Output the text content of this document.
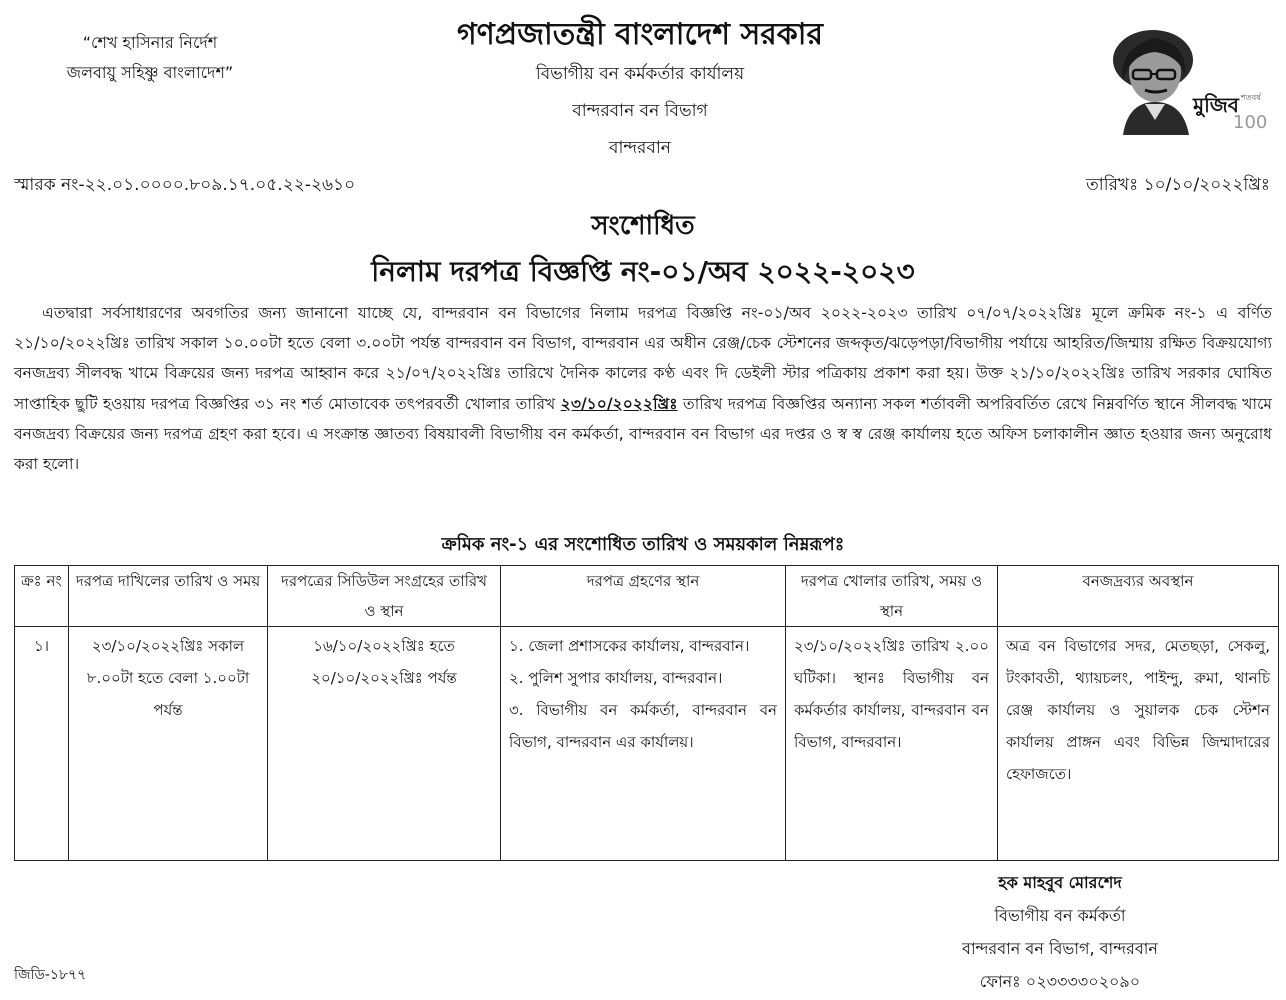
“শেখ হাসিনার নির্দেশ
জলবায়ু সহিষ্ণু বাংলাদেশ”
গণপ্রজাতন্ত্রী বাংলাদেশ সরকার
বিভাগীয় বন কর্মকর্তার কার্যালয়
বান্দরবান বন বিভাগ
বান্দরবান
মুজিব শতবর্ষ
100
স্মারক নং-২২.০১.০০০০.৮০৯.১৭.০৫.২২-২৬১০	তারিখঃ ১০/১০/২০২২খ্রিঃ
সংশোধিত
নিলাম দরপত্র বিজ্ঞপ্তি নং-০১/অব ২০২২-২০২৩
এতদ্বারা সর্বসাধারণের অবগতির জন্য জানানো যাচ্ছে যে, বান্দরবান বন বিভাগের নিলাম দরপত্র বিজ্ঞপ্তি নং-০১/অব ২০২২-২০২৩ তারিখ ০৭/০৭/২০২২খ্রিঃ মূলে ক্রমিক নং-১ এ বর্ণিত ২১/১০/২০২২খ্রিঃ তারিখ সকাল ১০.০০টা হতে বেলা ৩.০০টা পর্যন্ত বান্দরবান বন বিভাগ, বান্দরবান এর অধীন রেঞ্জ/চেক স্টেশনের জব্দকৃত/ঝড়েপড়া/বিভাগীয় পর্যায়ে আহরিত/জিম্মায় রক্ষিত বিক্রয়যোগ্য বনজদ্রব্য সীলবদ্ধ খামে বিক্রয়ের জন্য দরপত্র আহ্বান করে ২১/০৭/২০২২খ্রিঃ তারিখে দৈনিক কালের কণ্ঠ এবং দি ডেইলী স্টার পত্রিকায় প্রকাশ করা হয়। উক্ত ২১/১০/২০২২খ্রিঃ তারিখ সরকার ঘোষিত সাপ্তাহিক ছুটি হওয়ায় দরপত্র বিজ্ঞপ্তির ৩১ নং শর্ত মোতাবেক তৎপরবর্তী খোলার তারিখ ২৩/১০/২০২২খ্রিঃ তারিখ দরপত্র বিজ্ঞপ্তির অন্যান্য সকল শর্তাবলী অপরিবর্তিত রেখে নিম্নবর্ণিত স্থানে সীলবদ্ধ খামে বনজদ্রব্য বিক্রয়ের জন্য দরপত্র গ্রহণ করা হবে। এ সংক্রান্ত জ্ঞাতব্য বিষয়াবলী বিভাগীয় বন কর্মকর্তা, বান্দরবান বন বিভাগ এর দপ্তর ও স্ব স্ব রেঞ্জ কার্যালয় হতে অফিস চলাকালীন জ্ঞাত হওয়ার জন্য অনুরোধ করা হলো।
ক্রমিক নং-১ এর সংশোধিত তারিখ ও সময়কাল নিম্নরূপঃ
ক্রঃ নং	দরপত্র দাখিলের তারিখ ও সময়	দরপত্রের সিডিউল সংগ্রহের তারিখ ও স্থান	দরপত্র গ্রহণের স্থান	দরপত্র খোলার তারিখ, সময় ও স্থান	বনজদ্রব্যর অবস্থান
১।	২৩/১০/২০২২খ্রিঃ সকাল ৮.০০টা হতে বেলা ১.০০টা পর্যন্ত	১৬/১০/২০২২খ্রিঃ হতে ২০/১০/২০২২খ্রিঃ পর্যন্ত	১. জেলা প্রশাসকের কার্যালয়, বান্দরবান।
২. পুলিশ সুপার কার্যালয়, বান্দরবান।
৩. বিভাগীয় বন কর্মকর্তা, বান্দরবান বন বিভাগ, বান্দরবান এর কার্যালয়।	২৩/১০/২০২২খ্রিঃ তারিখ ২.০০ ঘটিকা। স্থানঃ বিভাগীয় বন কর্মকর্তার কার্যালয়, বান্দরবান বন বিভাগ, বান্দরবান।	অত্র বন বিভাগের সদর, মেতছড়া, সেকলু, টংকাবতী, থ্যায়চলং, পাইন্দু, রুমা, থানচি রেঞ্জ কার্যালয় ও সুয়ালক চেক স্টেশন কার্যালয় প্রাঙ্গন এবং বিভিন্ন জিম্মাদারের হেফাজতে।
হক মাহবুব মোরশেদ
বিভাগীয় বন কর্মকর্তা
বান্দরবান বন বিভাগ, বান্দরবান
ফোনঃ ০২৩৩৩৩০২০৯০
জিডি-১৮৭৭
